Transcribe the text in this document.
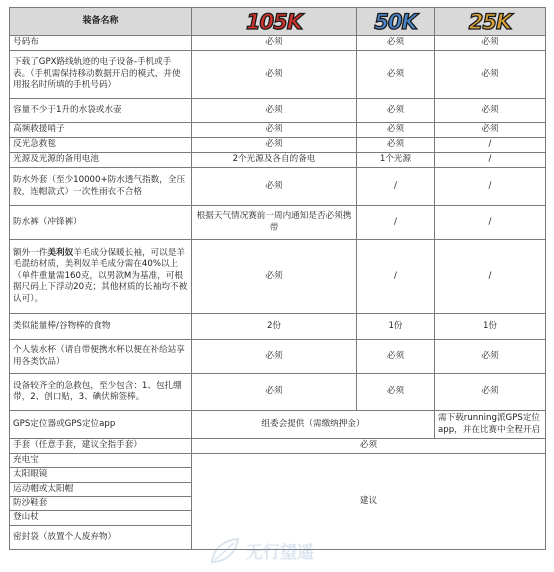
装备名称	105K	50K	25K
号码布	必须	必须	必须
下载了GPX路线轨迹的电子设备-手机或手表。（手机需保持移动数据开启的模式，并使用报名时所填的手机号码）	必须	必须	必须
容量不少于1升的水袋或水壶	必须	必须	必须
高频救援哨子	必须	必须	必须
反光急救毯	必须	必须	/
光源及光源的备用电池	2个光源及各自的备电	1个光源	/
防水外套（至少10000+防水透气指数，全压胶，连帽款式）一次性雨衣不合格	必须	/	/
防水裤（冲锋裤）	根据天气情况赛前一周内通知是否必须携带	/	/
额外一件美利奴羊毛成分保暖长袖，可以是羊毛混纺材质，美利奴羊毛成分需在40%以上（单件重量需160克，以男款M为基准，可根据尺码上下浮动20克；其他材质的长袖均不被认可）。	必须	/	/
类似能量棒/谷物棒的食物	2份	1份	1份
个人装水杯（请自带便携水杯以便在补给站享用各类饮品）	必须	必须	必须
设备较齐全的急救包，至少包含：1、包扎绷带，2、创口贴，3、碘伏棉签棒。	必须	必须	必须
GPS定位器或GPS定位app	组委会提供（需缴纳押金）		需下载running派GPS定位app，并在比赛中全程开启
手套（任意手套，建议全指手套）	必须		
充电宝	建议		
太阳眼镜			
运动帽或太阳帽			
防沙鞋套			
登山杖			
密封袋（放置个人废弃物）			
无行望遥
